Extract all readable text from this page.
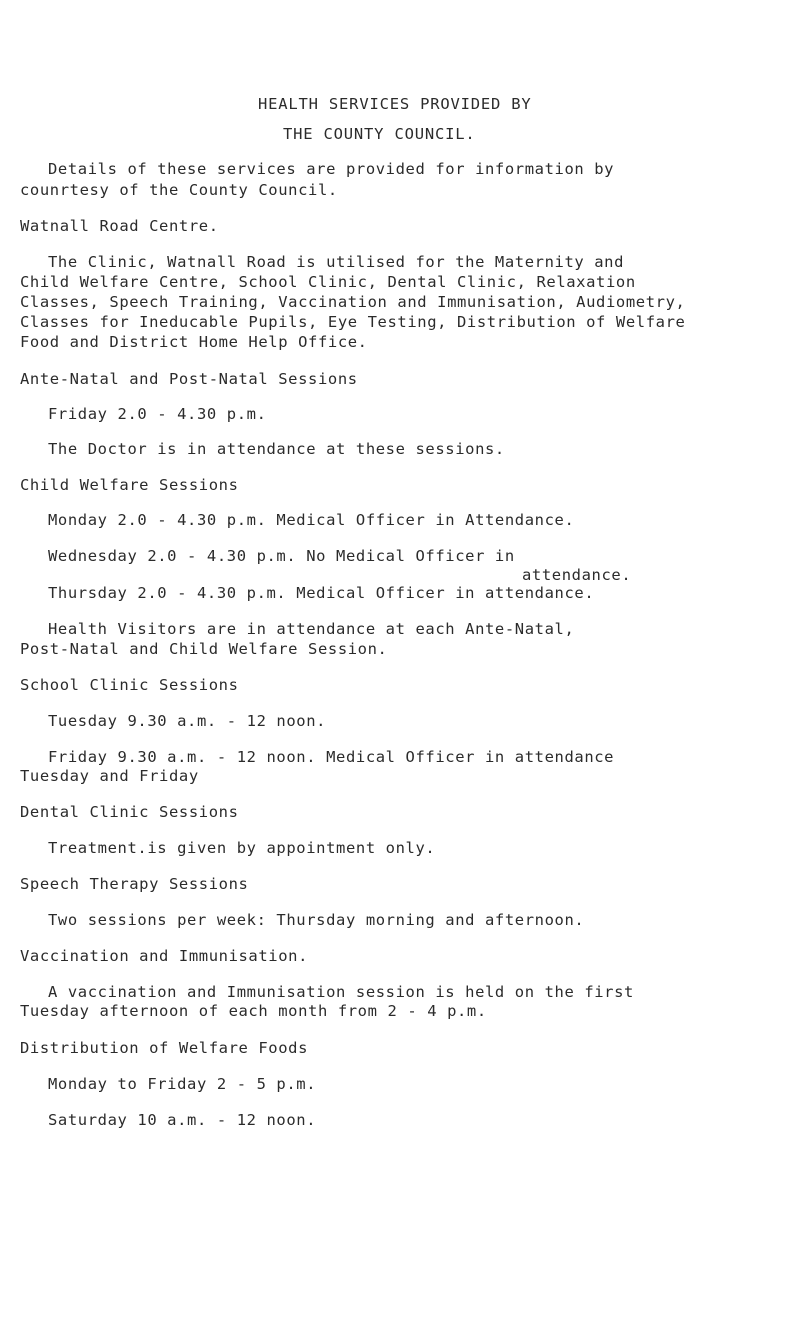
HEALTH SERVICES PROVIDED BY
THE COUNTY COUNCIL.
Details of these services are provided for information by
counrtesy of the County Council.
Watnall Road Centre.
The Clinic, Watnall Road is utilised for the Maternity and
Child Welfare Centre, School Clinic, Dental Clinic, Relaxation
Classes, Speech Training, Vaccination and Immunisation, Audiometry,
Classes for Ineducable Pupils, Eye Testing, Distribution of Welfare
Food and District Home Help Office.
Ante-Natal and Post-Natal Sessions
Friday 2.0 - 4.30 p.m.
The Doctor is in attendance at these sessions.
Child Welfare Sessions
Monday 2.0 - 4.30 p.m. Medical Officer in Attendance.
Wednesday 2.0 - 4.30 p.m. No Medical Officer in
attendance.
Thursday 2.0 - 4.30 p.m. Medical Officer in attendance.
Health Visitors are in attendance at each Ante-Natal,
Post-Natal and Child Welfare Session.
School Clinic Sessions
Tuesday 9.30 a.m. - 12 noon.
Friday 9.30 a.m. - 12 noon. Medical Officer in attendance
Tuesday and Friday
Dental Clinic Sessions
Treatment.is given by appointment only.
Speech Therapy Sessions
Two sessions per week: Thursday morning and afternoon.
Vaccination and Immunisation.
A vaccination and Immunisation session is held on the first
Tuesday afternoon of each month from 2 - 4 p.m.
Distribution of Welfare Foods
Monday to Friday 2 - 5 p.m.
Saturday 10 a.m. - 12 noon.
